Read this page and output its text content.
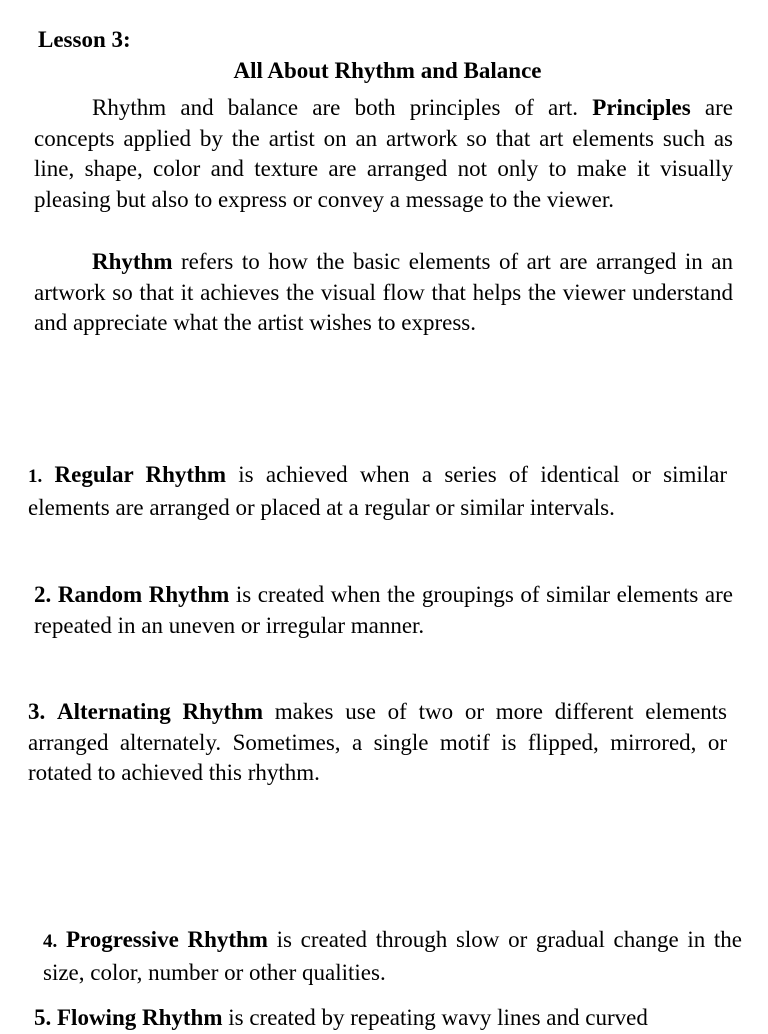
Lesson 3:
All About Rhythm and Balance

Rhythm and balance are both principles of art. Principles are concepts applied by the artist on an artwork so that art elements such as line, shape, color and texture are arranged not only to make it visually pleasing but also to express or convey a message to the viewer.

Rhythm refers to how the basic elements of art are arranged in an artwork so that it achieves the visual flow that helps the viewer understand and appreciate what the artist wishes to express.

1. Regular Rhythm is achieved when a series of identical or similar elements are arranged or placed at a regular or similar intervals.

2. Random Rhythm is created when the groupings of similar elements are repeated in an uneven or irregular manner.

3. Alternating Rhythm makes use of two or more different elements arranged alternately. Sometimes, a single motif is flipped, mirrored, or rotated to achieved this rhythm.

4. Progressive Rhythm is created through slow or gradual change in the size, color, number or other qualities.

5. Flowing Rhythm is created by repeating wavy lines and curved
